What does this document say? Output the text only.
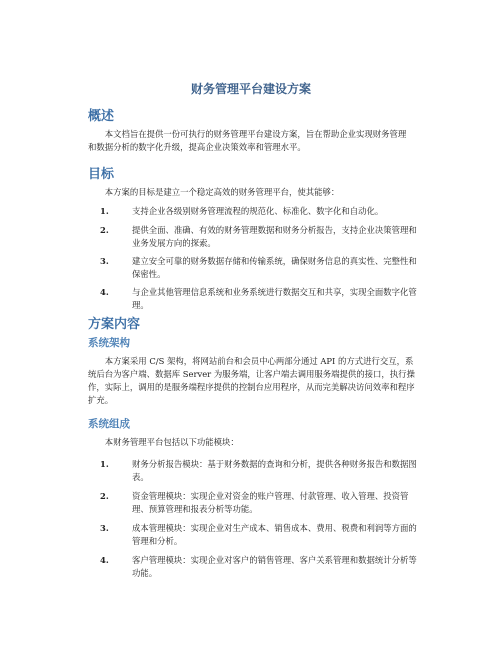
财务管理平台建设方案
概述
本文档旨在提供一份可执行的财务管理平台建设方案，旨在帮助企业实现财务管理和数据分析的数字化升级，提高企业决策效率和管理水平。
目标
本方案的目标是建立一个稳定高效的财务管理平台，使其能够：
1.	支持企业各级别财务管理流程的规范化、标准化、数字化和自动化。
2.	提供全面、准确、有效的财务管理数据和财务分析报告，支持企业决策管理和业务发展方向的探索。
3.	建立安全可靠的财务数据存储和传输系统，确保财务信息的真实性、完整性和保密性。
4.	与企业其他管理信息系统和业务系统进行数据交互和共享，实现全面数字化管理。
方案内容
系统架构
本方案采用 C/S 架构，将网站前台和会员中心两部分通过 API 的方式进行交互，系统后台为客户端、数据库 Server 为服务端，让客户端去调用服务端提供的接口，执行操作，实际上，调用的是服务端程序提供的控制台应用程序，从而完美解决访问效率和程序扩充。
系统组成
本财务管理平台包括以下功能模块：
1.	财务分析报告模块：基于财务数据的查询和分析，提供各种财务报告和数据图表。
2.	资金管理模块：实现企业对资金的账户管理、付款管理、收入管理、投资管理、预算管理和报表分析等功能。
3.	成本管理模块：实现企业对生产成本、销售成本、费用、税费和利润等方面的管理和分析。
4.	客户管理模块：实现企业对客户的销售管理、客户关系管理和数据统计分析等功能。
